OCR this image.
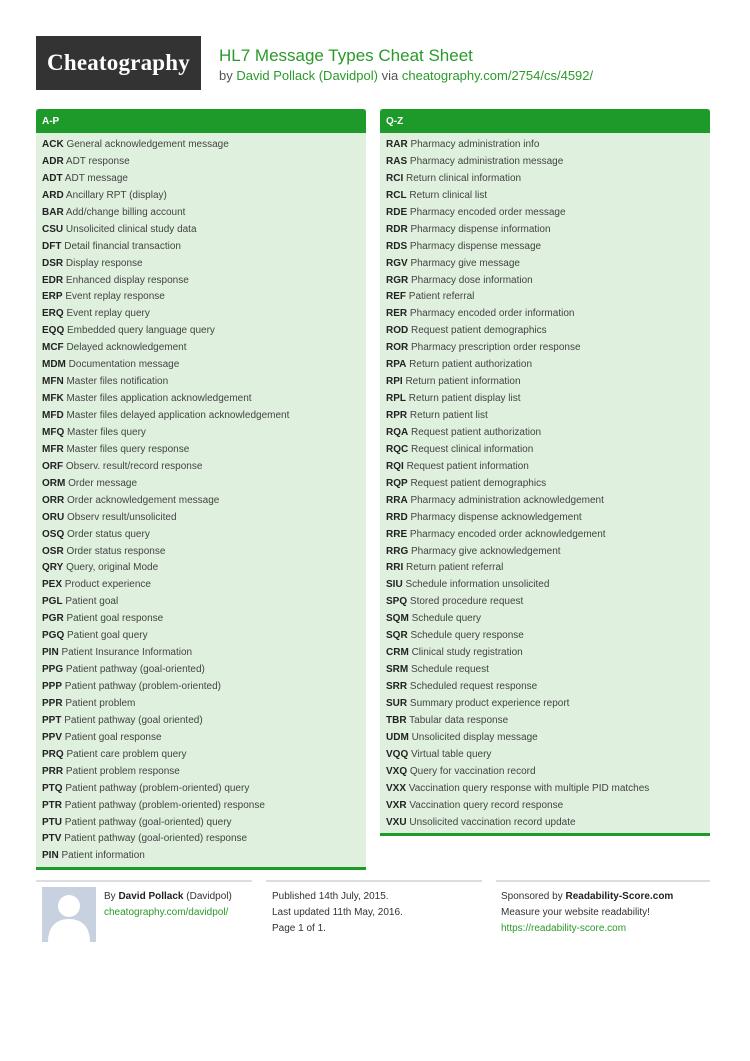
Cheatography	HL7 Message Types Cheat Sheet
by David Pollack (Davidpol) via cheatography.com/2754/cs/4592/
A-P
ACK General acknowledgement message
ADR ADT response
ADT ADT message
ARD Ancillary RPT (display)
BAR Add/change billing account
CSU Unsolicited clinical study data
DFT Detail financial transaction
DSR Display response
EDR Enhanced display response
ERP Event replay response
ERQ Event replay query
EQQ Embedded query language query
MCF Delayed acknowledgement
MDM Documentation message
MFN Master files notification
MFK Master files application acknowledgement
MFD Master files delayed application acknowledgement
MFQ Master files query
MFR Master files query response
ORF Observ. result/record response
ORM Order message
ORR Order acknowledgement message
ORU Observ result/unsolicited
OSQ Order status query
OSR Order status response
QRY Query, original Mode
PEX Product experience
PGL Patient goal
PGR Patient goal response
PGQ Patient goal query
PIN Patient Insurance Information
PPG Patient pathway (goal-oriented)
PPP Patient pathway (problem-oriented)
PPR Patient problem
PPT Patient pathway (goal oriented)
PPV Patient goal response
PRQ Patient care problem query
PRR Patient problem response
PTQ Patient pathway (problem-oriented) query
PTR Patient pathway (problem-oriented) response
PTU Patient pathway (goal-oriented) query
PTV Patient pathway (goal-oriented) response
PIN Patient information
Q-Z
RAR Pharmacy administration info
RAS Pharmacy administration message
RCI Return clinical information
RCL Return clinical list
RDE Pharmacy encoded order message
RDR Pharmacy dispense information
RDS Pharmacy dispense message
RGV Pharmacy give message
RGR Pharmacy dose information
REF Patient referral
RER Pharmacy encoded order information
ROD Request patient demographics
ROR Pharmacy prescription order response
RPA Return patient authorization
RPI Return patient information
RPL Return patient display list
RPR Return patient list
RQA Request patient authorization
RQC Request clinical information
RQI Request patient information
RQP Request patient demographics
RRA Pharmacy administration acknowledgement
RRD Pharmacy dispense acknowledgement
RRE Pharmacy encoded order acknowledgement
RRG Pharmacy give acknowledgement
RRI Return patient referral
SIU Schedule information unsolicited
SPQ Stored procedure request
SQM Schedule query
SQR Schedule query response
CRM Clinical study registration
SRM Schedule request
SRR Scheduled request response
SUR Summary product experience report
TBR Tabular data response
UDM Unsolicited display message
VQQ Virtual table query
VXQ Query for vaccination record
VXX Vaccination query response with multiple PID matches
VXR Vaccination query record response
VXU Unsolicited vaccination record update
By David Pollack (Davidpol)
cheatography.com/davidpol/
Published 14th July, 2015.
Last updated 11th May, 2016.
Page 1 of 1.
Sponsored by Readability-Score.com
Measure your website readability!
https://readability-score.com
